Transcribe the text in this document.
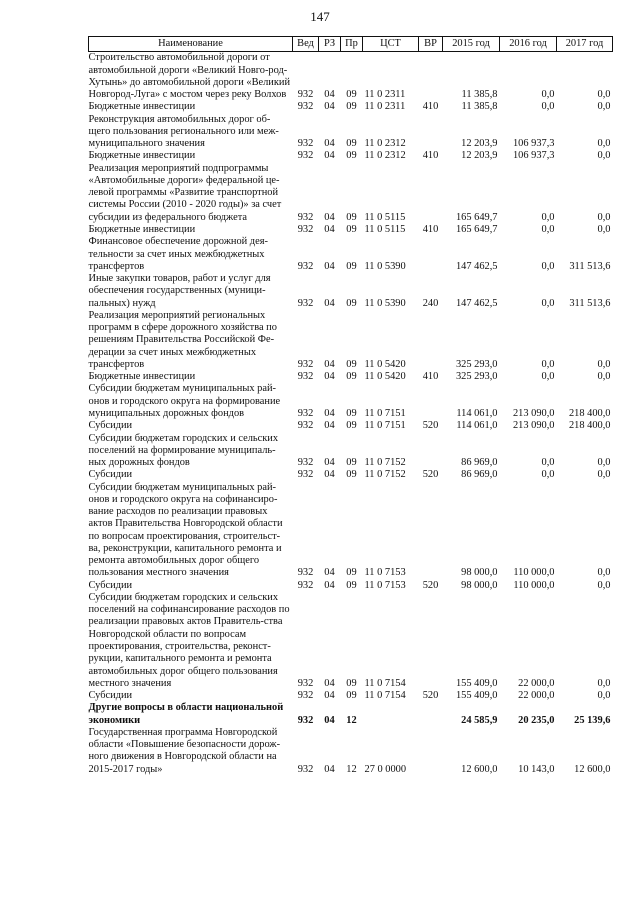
147
Наименование	Вед	РЗ	Пр	ЦСТ	ВР	2015 год	2016 год	2017 год
Строительство автомобильной дороги от автомобильной дороги «Великий Новго-род-Хутынь» до автомобильной дороги «Великий Новгород-Луга» с мостом через реку Волхов	932	04	09	11 0 2311		11 385,8	0,0	0,0
Бюджетные инвестиции	932	04	09	11 0 2311	410	11 385,8	0,0	0,0
Реконструкция автомобильных дорог об-щего пользования регионального или меж-муниципального значения	932	04	09	11 0 2312		12 203,9	106 937,3	0,0
Бюджетные инвестиции	932	04	09	11 0 2312	410	12 203,9	106 937,3	0,0
Реализация мероприятий подпрограммы «Автомобильные дороги» федеральной це-левой программы «Развитие транспортной системы России (2010 - 2020 годы)» за счет субсидии из федерального бюджета	932	04	09	11 0 5115		165 649,7	0,0	0,0
Бюджетные инвестиции	932	04	09	11 0 5115	410	165 649,7	0,0	0,0
Финансовое обеспечение дорожной дея-тельности за счет иных межбюджетных трансфертов	932	04	09	11 0 5390		147 462,5	0,0	311 513,6
Иные закупки товаров, работ и услуг для обеспечения государственных (муници-пальных) нужд	932	04	09	11 0 5390	240	147 462,5	0,0	311 513,6
Реализация мероприятий региональных программ в сфере дорожного хозяйства по решениям Правительства Российской Фе-дерации за счет иных межбюджетных трансфертов	932	04	09	11 0 5420		325 293,0	0,0	0,0
Бюджетные инвестиции	932	04	09	11 0 5420	410	325 293,0	0,0	0,0
Субсидии бюджетам муниципальных рай-онов и городского округа на формирование муниципальных дорожных фондов	932	04	09	11 0 7151		114 061,0	213 090,0	218 400,0
Субсидии	932	04	09	11 0 7151	520	114 061,0	213 090,0	218 400,0
Субсидии бюджетам городских и сельских поселений на формирование муниципаль-ных дорожных фондов	932	04	09	11 0 7152		86 969,0	0,0	0,0
Субсидии	932	04	09	11 0 7152	520	86 969,0	0,0	0,0
Субсидии бюджетам муниципальных рай-онов и городского округа на софинансиро-вание расходов по реализации правовых актов Правительства Новгородской области по вопросам проектирования, строительст-ва, реконструкции, капитального ремонта и ремонта автомобильных дорог общего пользования местного значения	932	04	09	11 0 7153		98 000,0	110 000,0	0,0
Субсидии	932	04	09	11 0 7153	520	98 000,0	110 000,0	0,0
Субсидии бюджетам городских и сельских поселений на софинансирование расходов по реализации правовых актов Правитель-ства Новгородской области по вопросам проектирования, строительства, реконст-рукции, капитального ремонта и ремонта автомобильных дорог общего пользования местного значения	932	04	09	11 0 7154		155 409,0	22 000,0	0,0
Субсидии	932	04	09	11 0 7154	520	155 409,0	22 000,0	0,0
Другие вопросы в области национальной экономики	932	04	12			24 585,9	20 235,0	25 139,6
Государственная программа Новгородской области «Повышение безопасности дорож-ного движения в Новгородской области на 2015-2017 годы»	932	04	12	27 0 0000		12 600,0	10 143,0	12 600,0
